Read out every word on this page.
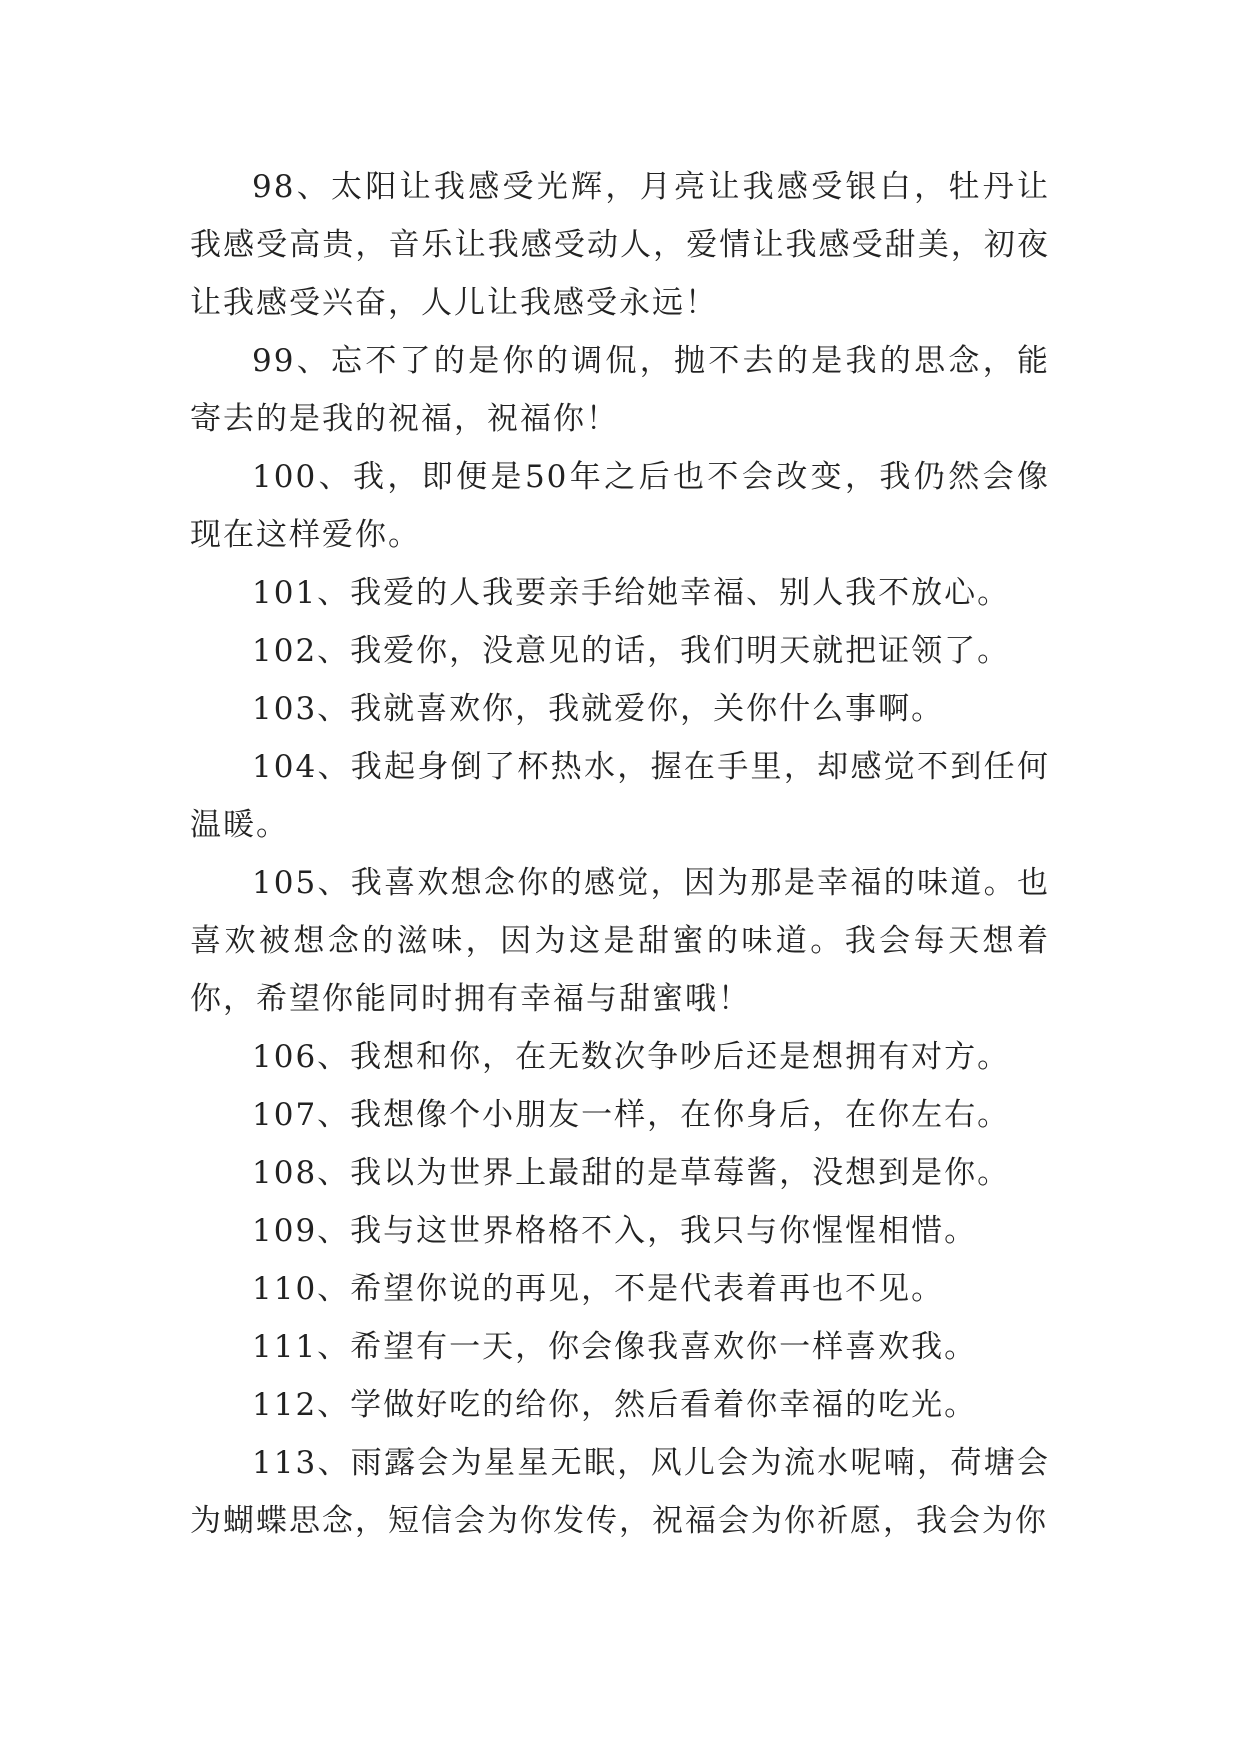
98、太阳让我感受光辉，月亮让我感受银白，牡丹让我感受高贵，音乐让我感受动人，爱情让我感受甜美，初夜让我感受兴奋，人儿让我感受永远！

99、忘不了的是你的调侃，抛不去的是我的思念，能寄去的是我的祝福，祝福你！

100、我，即便是50年之后也不会改变，我仍然会像现在这样爱你。

101、我爱的人我要亲手给她幸福、别人我不放心。

102、我爱你，没意见的话，我们明天就把证领了。

103、我就喜欢你，我就爱你，关你什么事啊。

104、我起身倒了杯热水，握在手里，却感觉不到任何温暖。

105、我喜欢想念你的感觉，因为那是幸福的味道。也喜欢被想念的滋味，因为这是甜蜜的味道。我会每天想着你，希望你能同时拥有幸福与甜蜜哦！

106、我想和你，在无数次争吵后还是想拥有对方。

107、我想像个小朋友一样，在你身后，在你左右。

108、我以为世界上最甜的是草莓酱，没想到是你。

109、我与这世界格格不入，我只与你惺惺相惜。

110、希望你说的再见，不是代表着再也不见。

111、希望有一天，你会像我喜欢你一样喜欢我。

112、学做好吃的给你，然后看着你幸福的吃光。

113、雨露会为星星无眠，风儿会为流水呢喃，荷塘会为蝴蝶思念，短信会为你发传，祝福会为你祈愿，我会为你
